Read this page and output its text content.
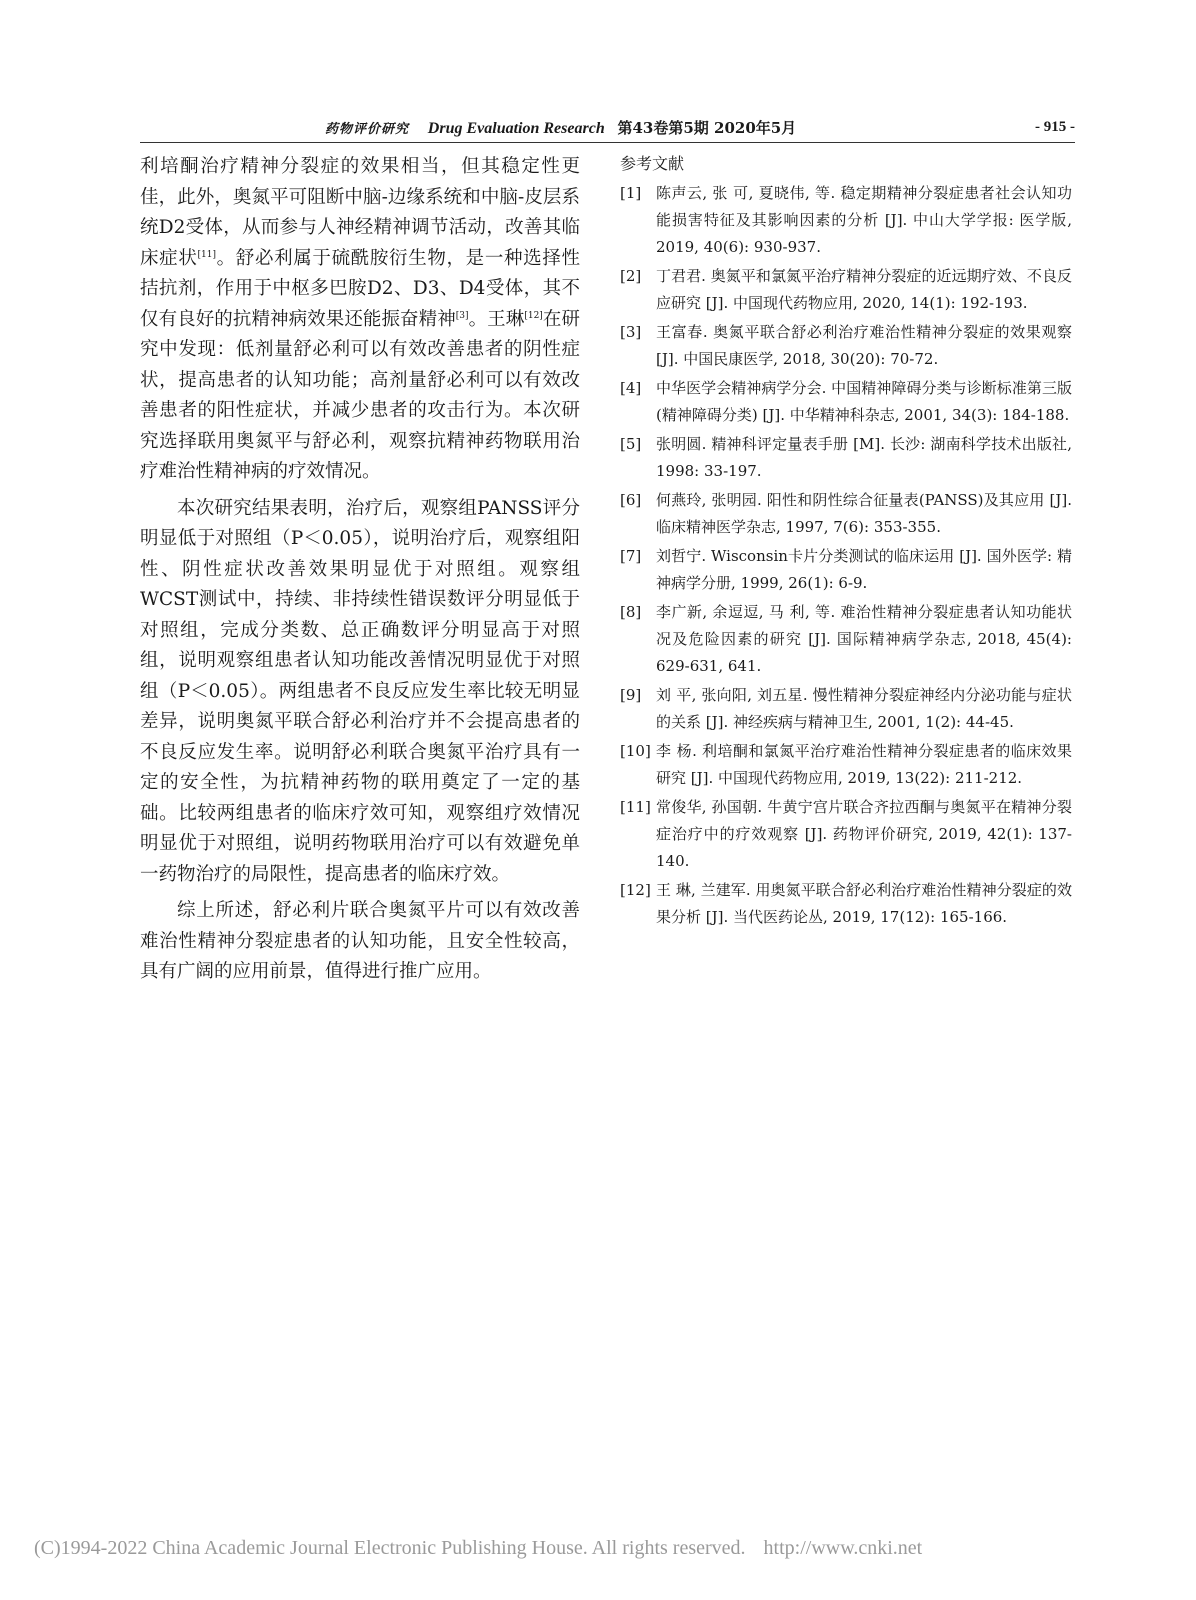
药物评价研究 Drug Evaluation Research 第43卷第5期 2020年5月	- 915 -

利培酮治疗精神分裂症的效果相当，但其稳定性更佳，此外，奥氮平可阻断中脑-边缘系统和中脑-皮层系统D2受体，从而参与人神经精神调节活动，改善其临床症状[11]。舒必利属于硫酰胺衍生物，是一种选择性拮抗剂，作用于中枢多巴胺D2、D3、D4受体，其不仅有良好的抗精神病效果还能振奋精神[3]。王琳[12]在研究中发现：低剂量舒必利可以有效改善患者的阴性症状，提高患者的认知功能；高剂量舒必利可以有效改善患者的阳性症状，并减少患者的攻击行为。本次研究选择联用奥氮平与舒必利，观察抗精神药物联用治疗难治性精神病的疗效情况。

本次研究结果表明，治疗后，观察组PANSS评分明显低于对照组（P＜0.05），说明治疗后，观察组阳性、阴性症状改善效果明显优于对照组。观察组WCST测试中，持续、非持续性错误数评分明显低于对照组，完成分类数、总正确数评分明显高于对照组，说明观察组患者认知功能改善情况明显优于对照组（P＜0.05）。两组患者不良反应发生率比较无明显差异，说明奥氮平联合舒必利治疗并不会提高患者的不良反应发生率。说明舒必利联合奥氮平治疗具有一定的安全性，为抗精神药物的联用奠定了一定的基础。比较两组患者的临床疗效可知，观察组疗效情况明显优于对照组，说明药物联用治疗可以有效避免单一药物治疗的局限性，提高患者的临床疗效。

综上所述，舒必利片联合奥氮平片可以有效改善难治性精神分裂症患者的认知功能，且安全性较高，具有广阔的应用前景，值得进行推广应用。

参考文献
[1] 陈声云, 张 可, 夏晓伟, 等. 稳定期精神分裂症患者社会认知功能损害特征及其影响因素的分析 [J]. 中山大学学报: 医学版, 2019, 40(6): 930-937.
[2] 丁君君. 奥氮平和氯氮平治疗精神分裂症的近远期疗效、不良反应研究 [J]. 中国现代药物应用, 2020, 14(1): 192-193.
[3] 王富春. 奥氮平联合舒必利治疗难治性精神分裂症的效果观察 [J]. 中国民康医学, 2018, 30(20): 70-72.
[4] 中华医学会精神病学分会. 中国精神障碍分类与诊断标准第三版(精神障碍分类) [J]. 中华精神科杂志, 2001, 34(3): 184-188.
[5] 张明圆. 精神科评定量表手册 [M]. 长沙: 湖南科学技术出版社, 1998: 33-197.
[6] 何燕玲, 张明园. 阳性和阴性综合征量表(PANSS)及其应用 [J]. 临床精神医学杂志, 1997, 7(6): 353-355.
[7] 刘哲宁. Wisconsin卡片分类测试的临床运用 [J]. 国外医学: 精神病学分册, 1999, 26(1): 6-9.
[8] 李广新, 余逗逗, 马 利, 等. 难治性精神分裂症患者认知功能状况及危险因素的研究 [J]. 国际精神病学杂志, 2018, 45(4): 629-631, 641.
[9] 刘 平, 张向阳, 刘五星. 慢性精神分裂症神经内分泌功能与症状的关系 [J]. 神经疾病与精神卫生, 2001, 1(2): 44-45.
[10] 李 杨. 利培酮和氯氮平治疗难治性精神分裂症患者的临床效果研究 [J]. 中国现代药物应用, 2019, 13(22): 211-212.
[11] 常俊华, 孙国朝. 牛黄宁宫片联合齐拉西酮与奥氮平在精神分裂症治疗中的疗效观察 [J]. 药物评价研究, 2019, 42(1): 137-140.
[12] 王 琳, 兰建军. 用奥氮平联合舒必利治疗难治性精神分裂症的效果分析 [J]. 当代医药论丛, 2019, 17(12): 165-166.
(C)1994-2022 China Academic Journal Electronic Publishing House. All rights reserved. http://www.cnki.net
